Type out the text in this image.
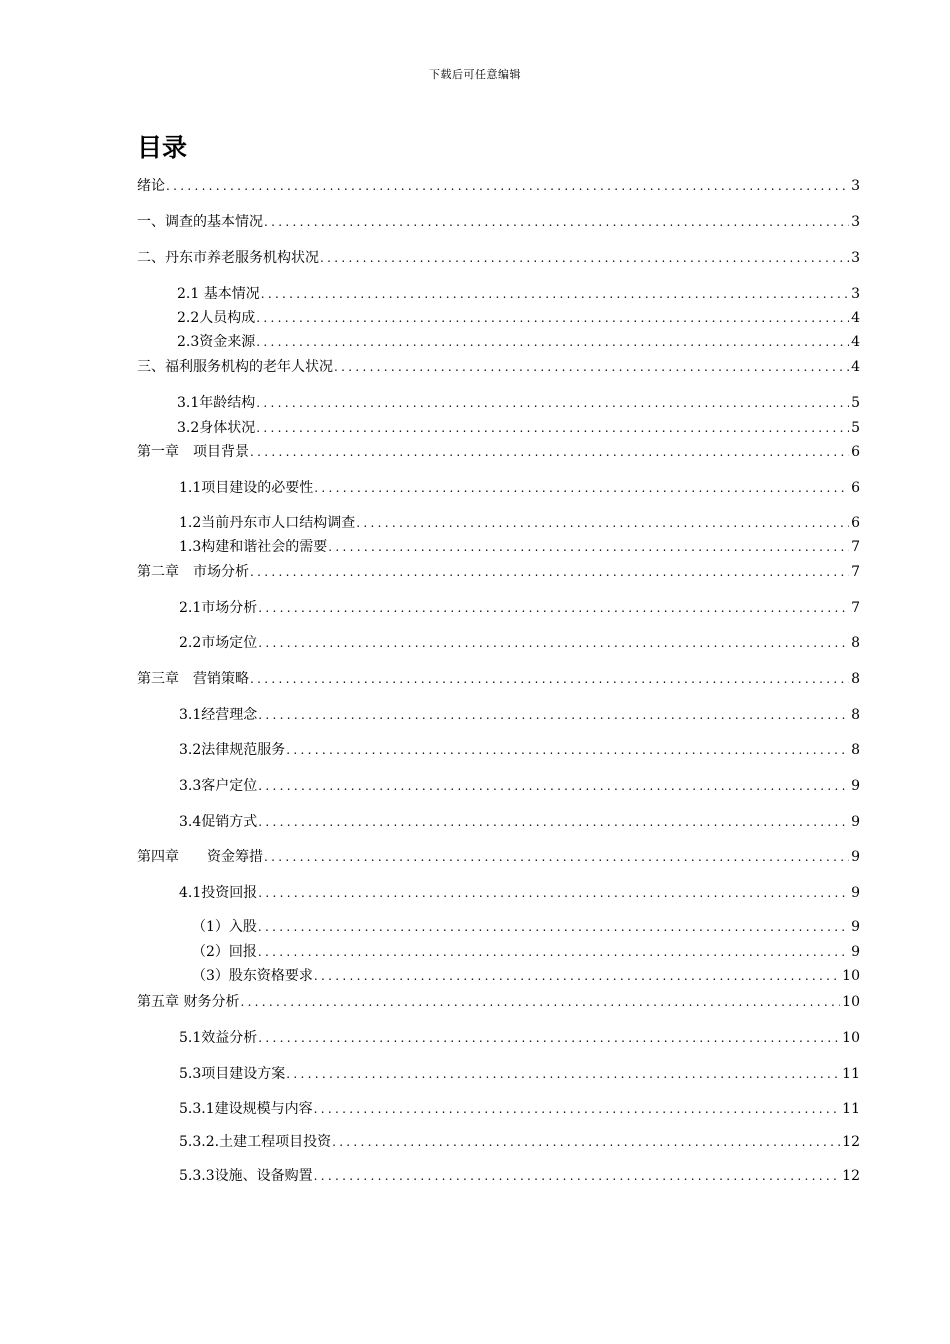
下载后可任意编辑
目录
绪论 .....	3
一、调查的基本情况 .....	3
二、丹东市养老服务机构状况 .....	3
2.1 基本情况 .....	3
2.2人员构成 .....	4
2.3资金来源 .....	4
三、福利服务机构的老年人状况 .....	4
3.1年龄结构 .....	5
3.2身体状况 .....	5
第一章　项目背景 .....	6
1.1项目建设的必要性 .....	6
1.2当前丹东市人口结构调查 .....	6
1.3构建和谐社会的需要 .....	7
第二章　市场分析 .....	7
2.1市场分析 .....	7
2.2市场定位 .....	8
第三章　营销策略 .....	8
3.1经营理念 .....	8
3.2法律规范服务 .....	8
3.3客户定位 .....	9
3.4促销方式 .....	9
第四章　　资金筹措 .....	9
4.1投资回报 .....	9
（1）入股 .....	9
（2）回报 .....	9
（3）股东资格要求 .....	10
第五章 财务分析 .....	10
5.1效益分析 .....	10
5.3项目建设方案 .....	11
5.3.1建设规模与内容 .....	11
5.3.2.土建工程项目投资 .....	12
5.3.3设施、设备购置 .....	12
